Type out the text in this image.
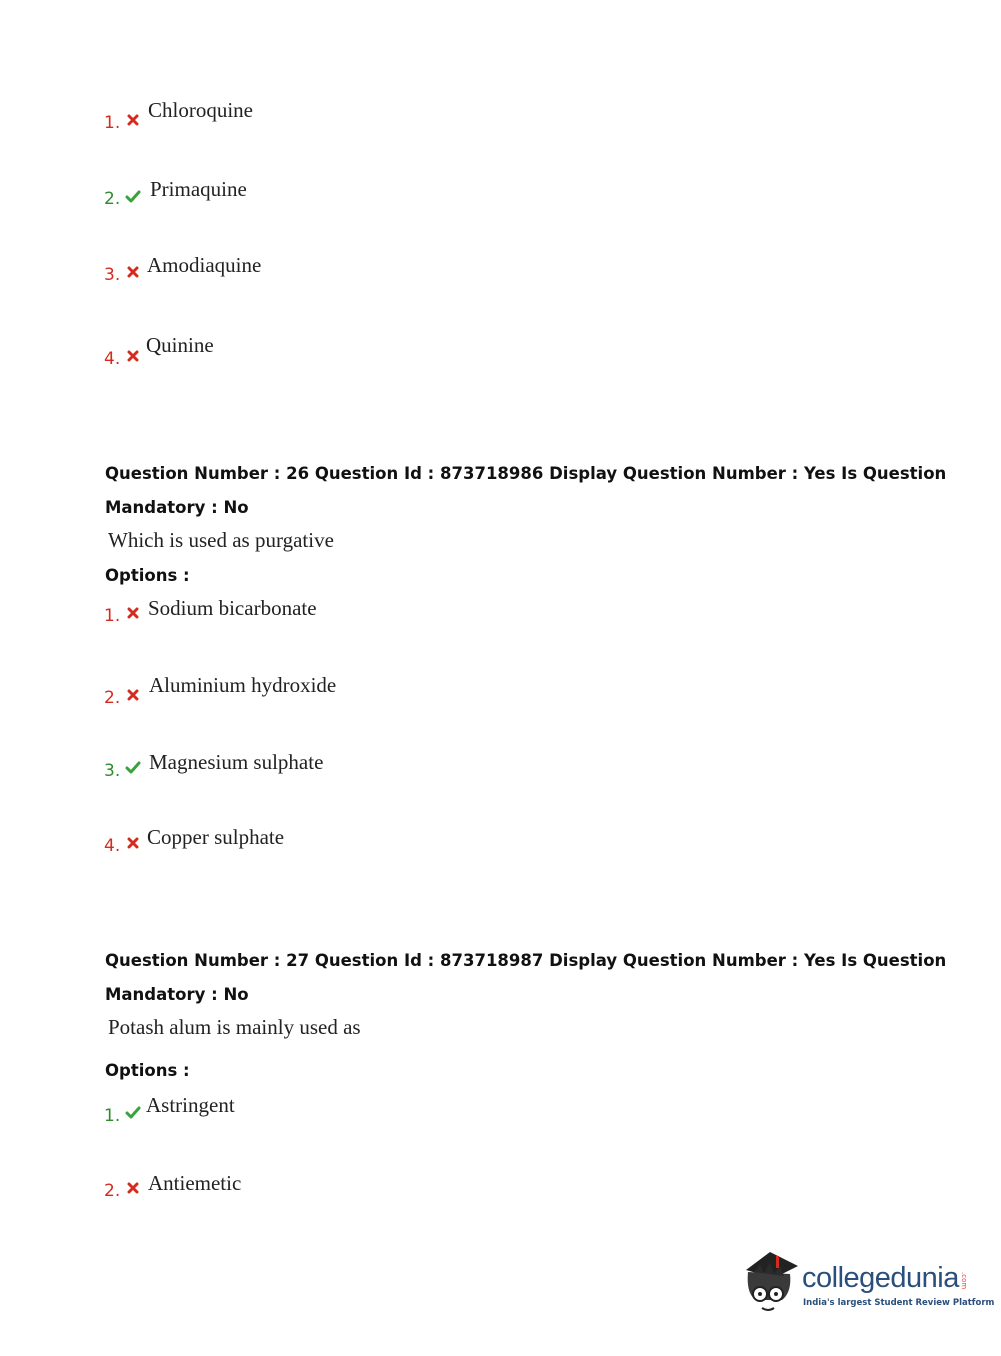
1.
Chloroquine
2. Primaquine
3. Amodiaquine
4.
Quinine
Question Number : 26 Question Id : 873718986 Display Question Number : Yes Is Question
Mandatory : No
Which is used as purgative
Options :
1. Sodium bicarbonate
2.
Aluminium hydroxide
3. Magnesium sulphate
4. Copper sulphate
Question Number : 27 Question Id : 873718987 Display Question Number : Yes Is Question
Mandatory : No
Potash alum is mainly used as
Options :
1. Astringent
2. Antiemetic
collegedunia .com
India's largest Student Review Platform
